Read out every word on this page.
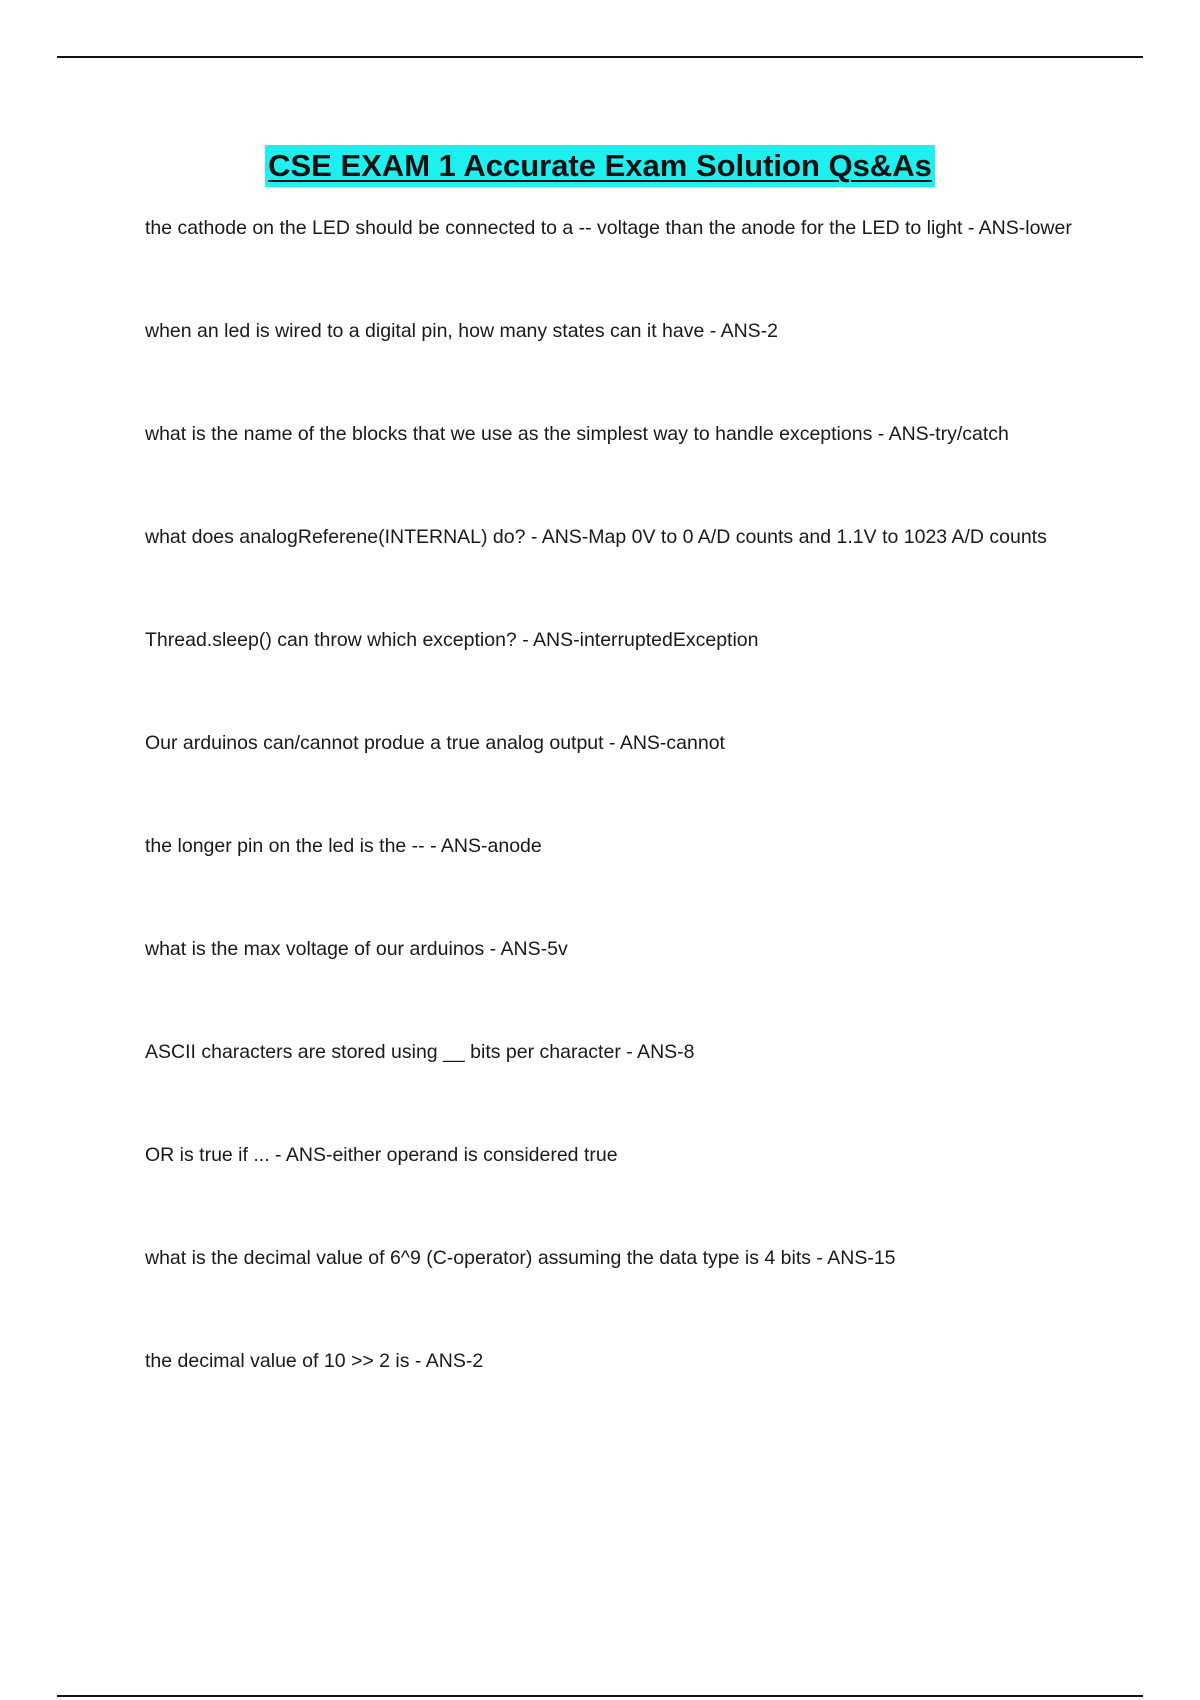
CSE EXAM 1 Accurate Exam Solution Qs&As

the cathode on the LED should be connected to a -- voltage than the anode for the LED to light - ANS-lower

when an led is wired to a digital pin, how many states can it have - ANS-2

what is the name of the blocks that we use as the simplest way to handle exceptions - ANS-try/catch

what does analogReferene(INTERNAL) do? - ANS-Map 0V to 0 A/D counts and 1.1V to 1023 A/D counts

Thread.sleep() can throw which exception? - ANS-interruptedException

Our arduinos can/cannot produe a true analog output - ANS-cannot

the longer pin on the led is the -- - ANS-anode

what is the max voltage of our arduinos - ANS-5v

ASCII characters are stored using __ bits per character - ANS-8

OR is true if ... - ANS-either operand is considered true

what is the decimal value of 6^9 (C-operator) assuming the data type is 4 bits - ANS-15

the decimal value of 10 >> 2 is - ANS-2
